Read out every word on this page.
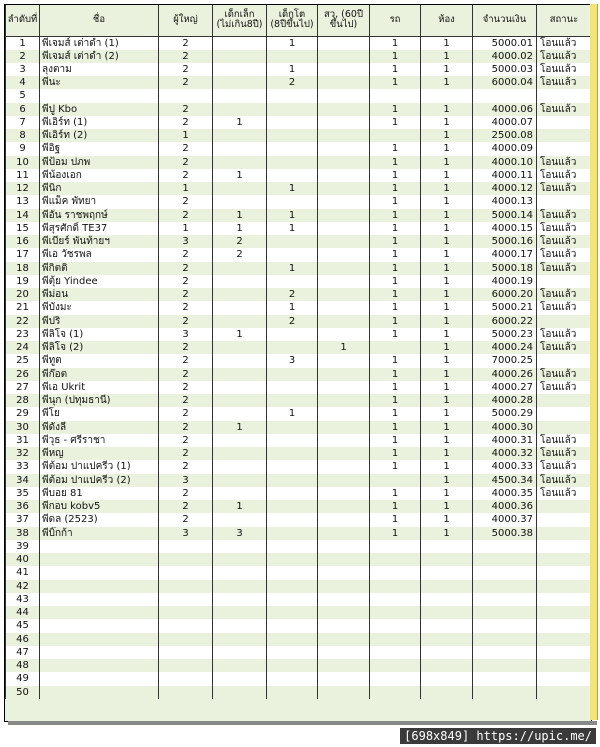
ลำดับที่	ชื่อ	ผู้ใหญ่	เด็กเล็ก
(ไม่เกิน8ปี)	เด็กโต
(8ปีขึ้นไป)	สว. (60ปี
ขึ้นไป)	รถ	ห้อง	จำนวนเงิน	สถานะ
1	พี่เจมส์ เต่าดำ (1)	2		1		1	1	5000.01	โอนแล้ว
2	พี่เจมส์ เต่าดำ (2)	2				1	1	4000.02	โอนแล้ว
3	ลุงตาม	2		1		1	1	5000.03	โอนแล้ว
4	พี่นะ	2		2		1	1	6000.04	โอนแล้ว
5									
6	พี่ปู Kbo	2				1	1	4000.06	โอนแล้ว
7	พี่เอิร์ท (1)	2	1			1	1	4000.07	
8	พี่เอิร์ท (2)	1					1	2500.08	
9	พี่อิฐ	2				1	1	4000.09	
10	พี่ป้อม ปภพ	2				1	1	4000.10	โอนแล้ว
11	พี่น้องเอก	2	1			1	1	4000.11	โอนแล้ว
12	พี่นิก	1		1		1	1	4000.12	โอนแล้ว
13	พี่แม็ค พัทยา	2				1	1	4000.13	
14	พี่อั๋น ราชพฤกษ์	2	1	1		1	1	5000.14	โอนแล้ว
15	พี่สุรศักดิ์ TE37	1	1	1		1	1	4000.15	โอนแล้ว
16	พี่เบียร์ พันท้ายฯ	3	2			1	1	5000.16	โอนแล้ว
17	พี่เอ วัชรพล	2	2			1	1	4000.17	โอนแล้ว
18	พี่กิตติ	2		1		1	1	5000.18	โอนแล้ว
19	พี่ตุ้ย Yindee	2				1	1	4000.19	
20	พี่ม่อน	2		2		1	1	6000.20	โอนแล้ว
21	พี่บังมะ	2		1		1	1	5000.21	โอนแล้ว
22	พี่ปริ	2		2		1	1	6000.22	
23	พี่ลิโจ (1)	3	1			1	1	5000.23	โอนแล้ว
24	พี่ลิโจ (2)	2			1		1	4000.24	โอนแล้ว
25	พี่ทูต	2		3		1	1	7000.25	
26	พี่ก๊อต	2				1	1	4000.26	โอนแล้ว
27	พี่เอ Ukrit	2				1	1	4000.27	โอนแล้ว
28	พี่นุก (ปทุมธานี)	2				1	1	4000.28	
29	พี่โย	2		1		1	1	5000.29	
30	พี่ดังลี่	2	1			1	1	4000.30	
31	พี่วุธ - ศรีราชา	2				1	1	4000.31	โอนแล้ว
32	พี่หญ	2				1	1	4000.32	โอนแล้ว
33	พี่ต้อม ปาแปครีว (1)	2				1	1	4000.33	โอนแล้ว
34	พี่ต้อม ปาแปครีว (2)	3					1	4500.34	โอนแล้ว
35	พี่บอย 81	2				1	1	4000.35	โอนแล้ว
36	พี่กอบ kobv5	2	1			1	1	4000.36	
37	พี่ดล (2523)	2				1	1	4000.37	
38	พี่บิ๊กก้า	3	3			1	1	5000.38	
39									
40									
41									
42									
43									
44									
45									
46									
47									
48									
49									
50									
[698x849] https://upic.me/
